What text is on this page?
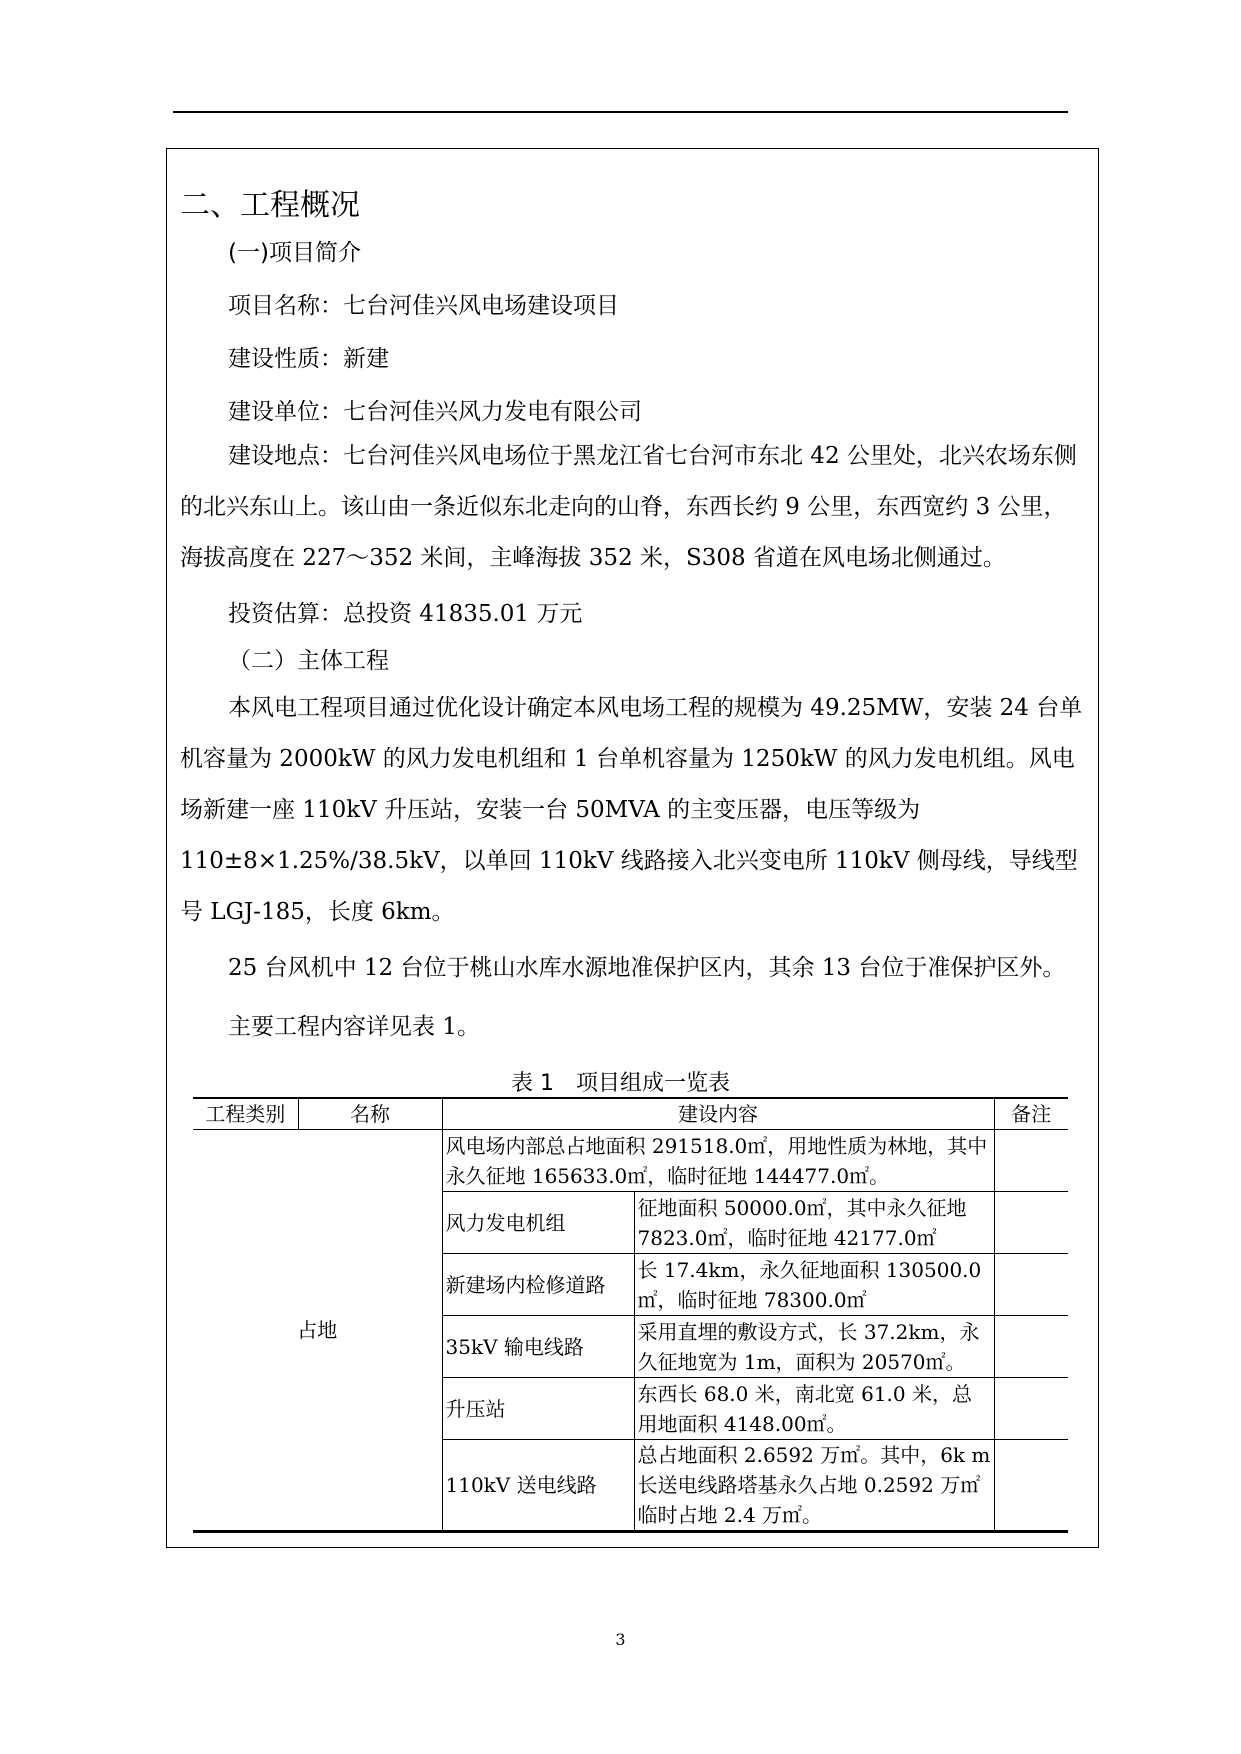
二、工程概况
(一)项目简介
项目名称：七台河佳兴风电场建设项目
建设性质：新建
建设单位：七台河佳兴风力发电有限公司

建设地点：七台河佳兴风电场位于黑龙江省七台河市东北 42 公里处，北兴农场东侧的北兴东山上。该山由一条近似东北走向的山脊，东西长约 9 公里，东西宽约 3 公里，海拔高度在 227～352 米间，主峰海拔 352 米，S308 省道在风电场北侧通过。

投资估算：总投资 41835.01 万元
（二）主体工程

本风电工程项目通过优化设计确定本风电场工程的规模为 49.25MW，安装 24 台单机容量为 2000kW 的风力发电机组和 1 台单机容量为 1250kW 的风力发电机组。风电场新建一座 110kV 升压站，安装一台 50MVA 的主变压器，电压等级为 110±8×1.25%/38.5kV，以单回 110kV 线路接入北兴变电所 110kV 侧母线，导线型号 LGJ-185，长度 6km。

25 台风机中 12 台位于桃山水库水源地准保护区内，其余 13 台位于准保护区外。

主要工程内容详见表 1。
表 1　项目组成一览表
工程类别	名称	建设内容		备注
占地		风电场内部总占地面积 291518.0㎡，用地性质为林地，其中永久征地 165633.0㎡，临时征地 144477.0㎡。		
		风力发电机组	征地面积 50000.0㎡，其中永久征地 7823.0㎡，临时征地 42177.0㎡	
		新建场内检修道路	长 17.4km，永久征地面积 130500.0㎡，临时征地 78300.0㎡	
		35kV 输电线路	采用直埋的敷设方式，长 37.2km，永久征地宽为 1m，面积为 20570㎡。	
		升压站	东西长 68.0 米，南北宽 61.0 米，总用地面积 4148.00㎡。	
		110kV 送电线路	总占地面积 2.6592 万㎡。其中，6k m 长送电线路塔基永久占地 0.2592 万㎡临时占地 2.4 万㎡。	
3
